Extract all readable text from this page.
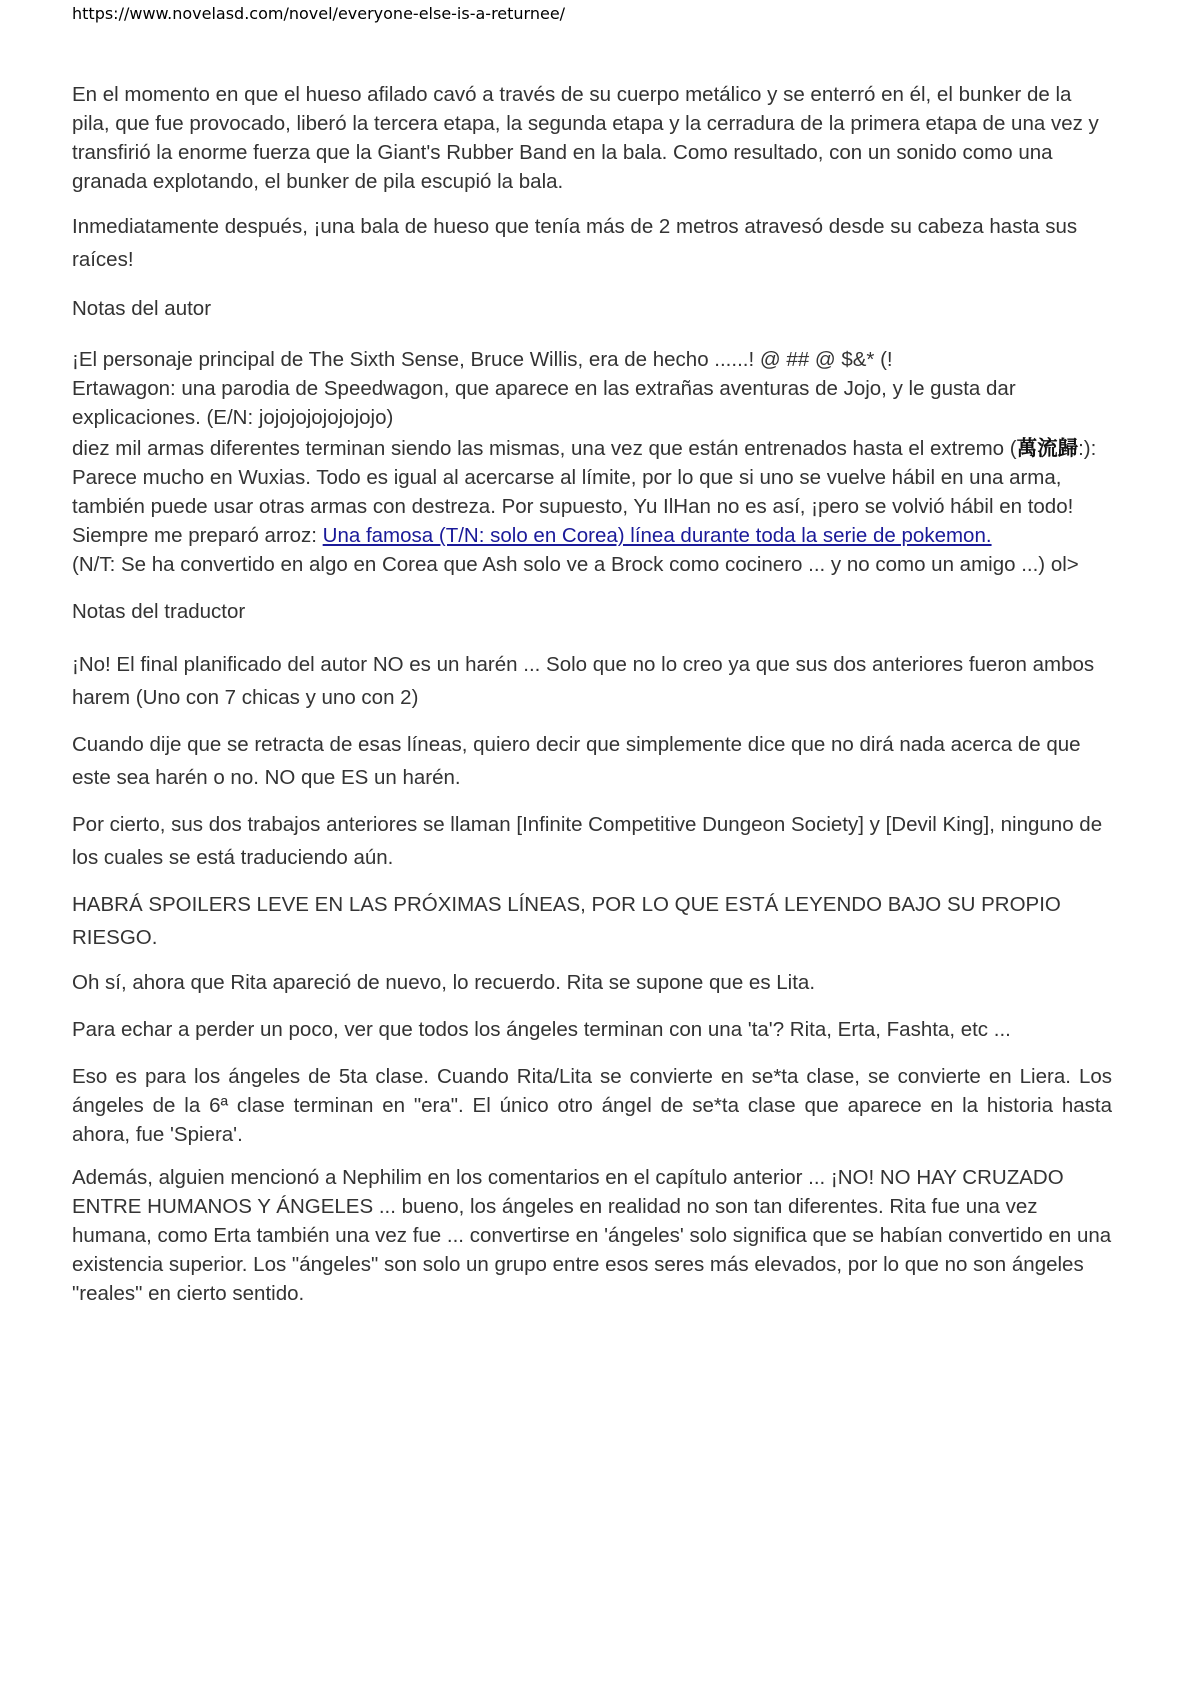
https://www.novelasd.com/novel/everyone-else-is-a-returnee/
En el momento en que el hueso afilado cavó a través de su cuerpo metálico y se enterró en él, el bunker de la pila, que fue provocado, liberó la tercera etapa, la segunda etapa y la cerradura de la primera etapa de una vez y transfirió la enorme fuerza que la Giant's Rubber Band en la bala. Como resultado, con un sonido como una granada explotando, el bunker de pila escupió la bala.
Inmediatamente después, ¡una bala de hueso que tenía más de 2 metros atravesó desde su cabeza hasta sus raíces!
Notas del autor
¡El personaje principal de The Sixth Sense, Bruce Willis, era de hecho ......! @ ## @ $&* (!
Ertawagon: una parodia de Speedwagon, que aparece en las extrañas aventuras de Jojo, y le gusta dar explicaciones. (E/N: jojojojojojojojo)
diez mil armas diferentes terminan siendo las mismas, una vez que están entrenados hasta el extremo (萬流歸:): Parece mucho en Wuxias. Todo es igual al acercarse al límite, por lo que si uno se vuelve hábil en una arma, también puede usar otras armas con destreza. Por supuesto, Yu IlHan no es así, ¡pero se volvió hábil en todo!
Siempre me preparó arroz: Una famosa (T/N: solo en Corea) línea durante toda la serie de pokemon.
(N/T: Se ha convertido en algo en Corea que Ash solo ve a Brock como cocinero ... y no como un amigo ...) ol>
Notas del traductor
¡No! El final planificado del autor NO es un harén ... Solo que no lo creo ya que sus dos anteriores fueron ambos harem (Uno con 7 chicas y uno con 2)
Cuando dije que se retracta de esas líneas, quiero decir que simplemente dice que no dirá nada acerca de que este sea harén o no. NO que ES un harén.
Por cierto, sus dos trabajos anteriores se llaman [Infinite Competitive Dungeon Society] y [Devil King], ninguno de los cuales se está traduciendo aún.
HABRÁ SPOILERS LEVE EN LAS PRÓXIMAS LÍNEAS, POR LO QUE ESTÁ LEYENDO BAJO SU PROPIO RIESGO.
Oh sí, ahora que Rita apareció de nuevo, lo recuerdo. Rita se supone que es Lita.
Para echar a perder un poco, ver que todos los ángeles terminan con una 'ta'? Rita, Erta, Fashta, etc ...
Eso es para los ángeles de 5ta clase. Cuando Rita/Lita se convierte en se*ta clase, se convierte en Liera. Los ángeles de la 6ª clase terminan en "era". El único otro ángel de se*ta clase que aparece en la historia hasta ahora, fue 'Spiera'.
Además, alguien mencionó a Nephilim en los comentarios en el capítulo anterior ... ¡NO! NO HAY CRUZADO ENTRE HUMANOS Y ÁNGELES ... bueno, los ángeles en realidad no son tan diferentes. Rita fue una vez humana, como Erta también una vez fue ... convertirse en 'ángeles' solo significa que se habían convertido en una existencia superior. Los "ángeles" son solo un grupo entre esos seres más elevados, por lo que no son ángeles "reales" en cierto sentido.
